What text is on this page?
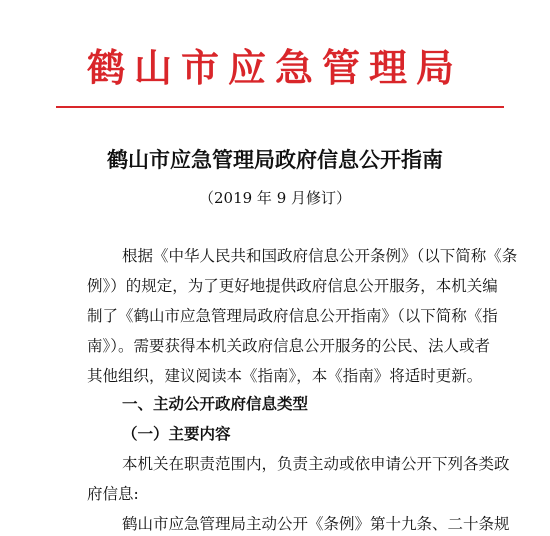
鹤山市应急管理局
鹤山市应急管理局政府信息公开指南
（2019 年 9 月修订）
根据《中华人民共和国政府信息公开条例》（以下简称《条
例》）的规定，为了更好地提供政府信息公开服务，本机关编
制了《鹤山市应急管理局政府信息公开指南》（以下简称《指
南》）。需要获得本机关政府信息公开服务的公民、法人或者
其他组织，建议阅读本《指南》，本《指南》将适时更新。
一、主动公开政府信息类型
（一）主要内容
本机关在职责范围内，负责主动或依申请公开下列各类政
府信息:
鹤山市应急管理局主动公开《条例》第十九条、二十条规
